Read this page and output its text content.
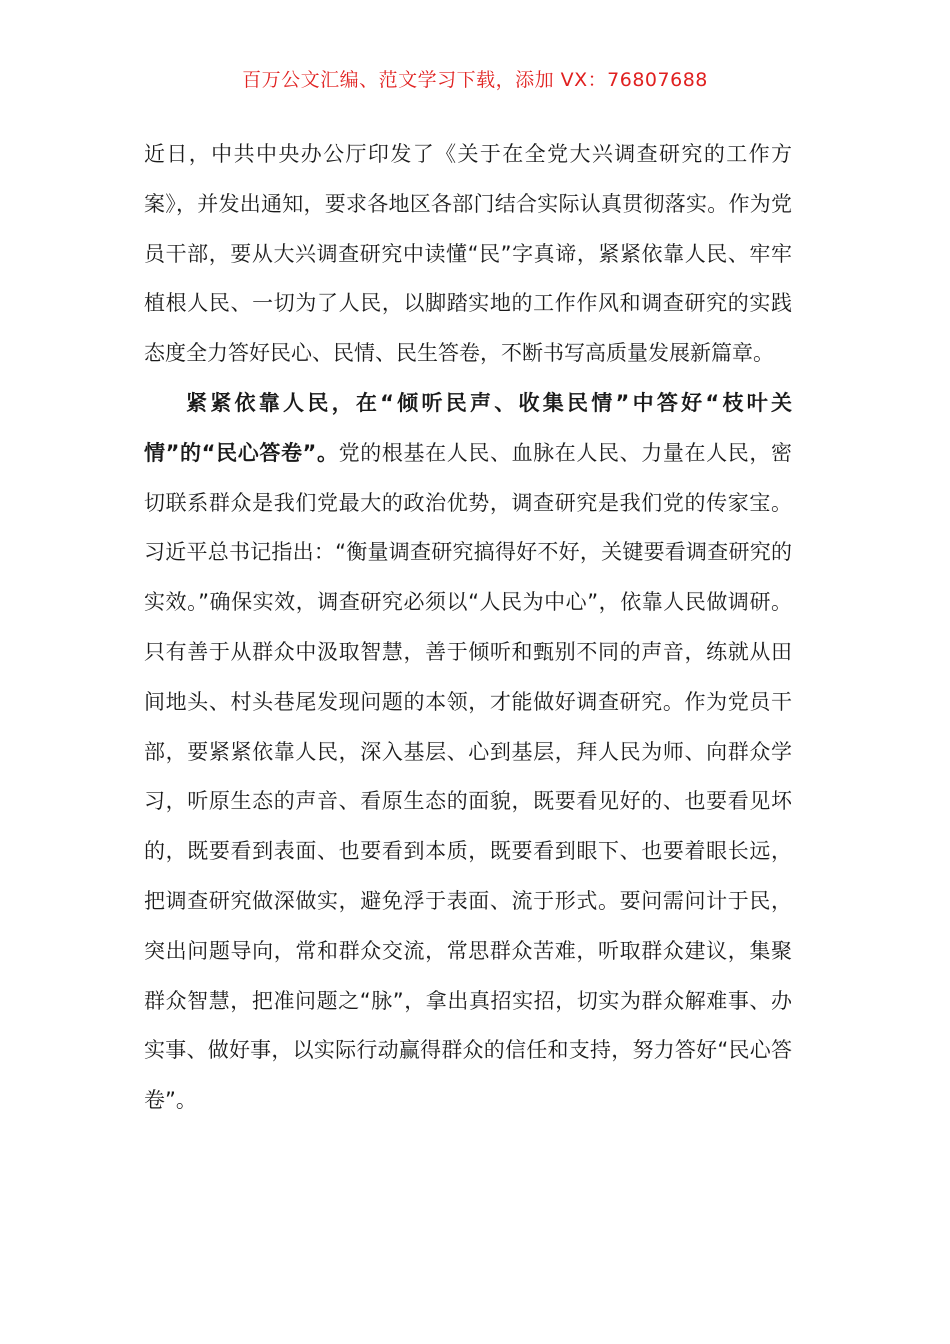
百万公文汇编、范文学习下载，添加 VX：76807688

近日，中共中央办公厅印发了《关于在全党大兴调查研究的工作方案》，并发出通知，要求各地区各部门结合实际认真贯彻落实。作为党员干部，要从大兴调查研究中读懂“民”字真谛，紧紧依靠人民、牢牢植根人民、一切为了人民，以脚踏实地的工作作风和调查研究的实践态度全力答好民心、民情、民生答卷，不断书写高质量发展新篇章。

紧紧依靠人民，在“倾听民声、收集民情”中答好“枝叶关情”的“民心答卷”。党的根基在人民、血脉在人民、力量在人民，密切联系群众是我们党最大的政治优势，调查研究是我们党的传家宝。习近平总书记指出：“衡量调查研究搞得好不好，关键要看调查研究的实效。”确保实效，调查研究必须以“人民为中心”，依靠人民做调研。只有善于从群众中汲取智慧，善于倾听和甄别不同的声音，练就从田间地头、村头巷尾发现问题的本领，才能做好调查研究。作为党员干部，要紧紧依靠人民，深入基层、心到基层，拜人民为师、向群众学习，听原生态的声音、看原生态的面貌，既要看见好的、也要看见坏的，既要看到表面、也要看到本质，既要看到眼下、也要着眼长远，把调查研究做深做实，避免浮于表面、流于形式。要问需问计于民，突出问题导向，常和群众交流，常思群众苦难，听取群众建议，集聚群众智慧，把准问题之“脉”，拿出真招实招，切实为群众解难事、办实事、做好事，以实际行动赢得群众的信任和支持，努力答好“民心答卷”。
